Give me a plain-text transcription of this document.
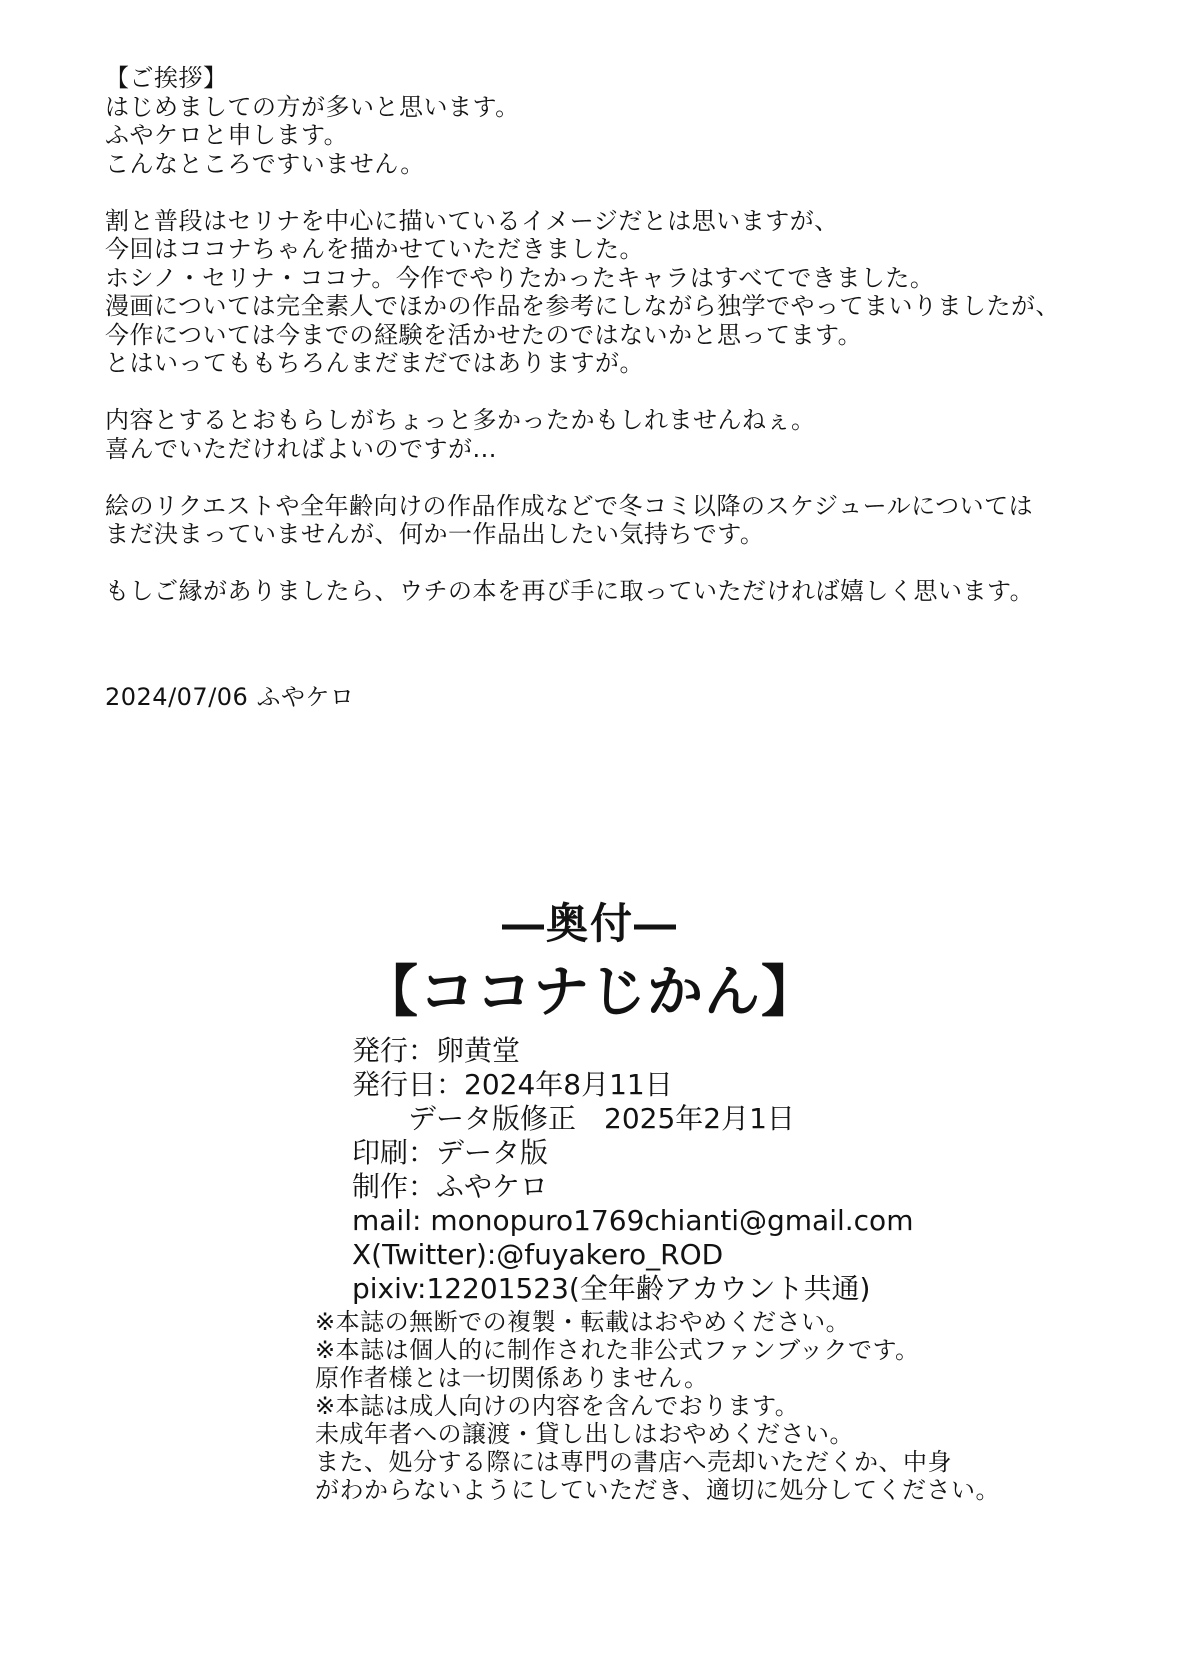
【ご挨拶】
はじめましての方が多いと思います。
ふやケロと申します。
こんなところですいません。
割と普段はセリナを中心に描いているイメージだとは思いますが、
今回はココナちゃんを描かせていただきました。
ホシノ・セリナ・ココナ。今作でやりたかったキャラはすべてできました。
漫画については完全素人でほかの作品を参考にしながら独学でやってまいりましたが、
今作については今までの経験を活かせたのではないかと思ってます。
とはいってももちろんまだまだではありますが。
内容とするとおもらしがちょっと多かったかもしれませんねぇ。
喜んでいただければよいのですが...
絵のリクエストや全年齢向けの作品作成などで冬コミ以降のスケジュールについては
まだ決まっていませんが、何か一作品出したい気持ちです。
もしご縁がありましたら、ウチの本を再び手に取っていただければ嬉しく思います。
2024/07/06 ふやケロ
―奥付―
【ココナじかん】
発行：卵黄堂
発行日：2024年8月11日
　　データ版修正　2025年2月1日
印刷：データ版
制作：ふやケロ
mail: monopuro1769chianti@gmail.com
X(Twitter):@fuyakero_ROD
pixiv:12201523(全年齢アカウント共通)
※本誌の無断での複製・転載はおやめください。
※本誌は個人的に制作された非公式ファンブックです。
原作者様とは一切関係ありません。
※本誌は成人向けの内容を含んでおります。
未成年者への譲渡・貸し出しはおやめください。
また、処分する際には専門の書店へ売却いただくか、中身
がわからないようにしていただき、適切に処分してください。
